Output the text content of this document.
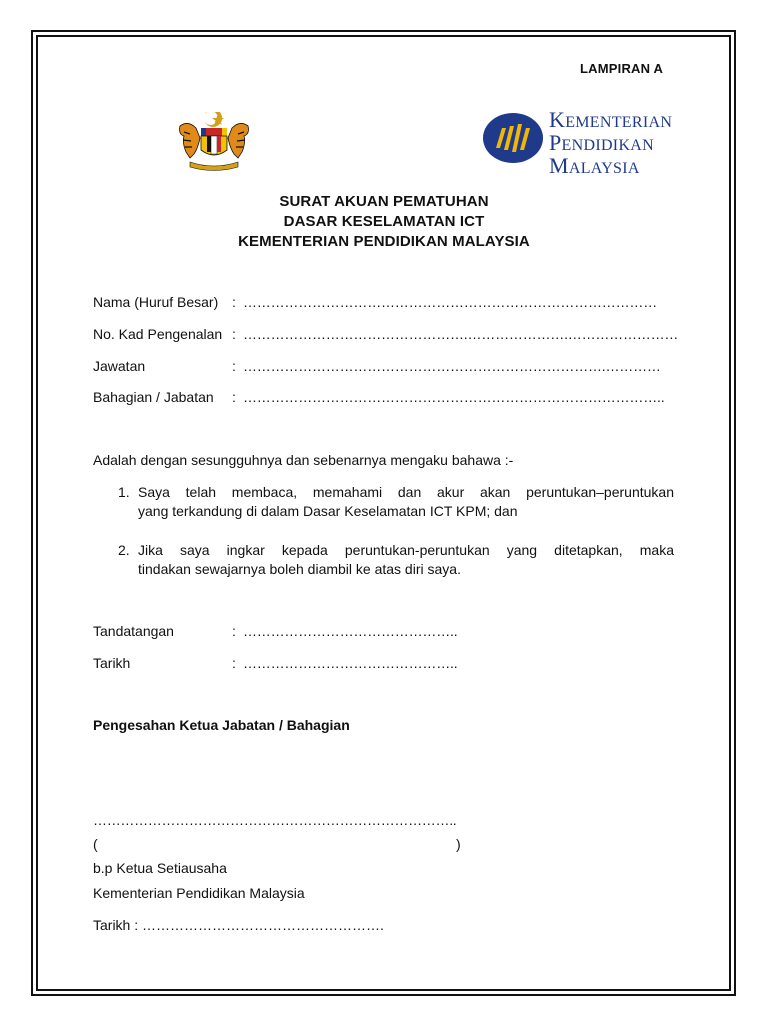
LAMPIRAN A
KEMENTERIAN
PENDIDIKAN
MALAYSIA
SURAT AKUAN PEMATUHAN
DASAR KESELAMATAN ICT
KEMENTERIAN PENDIDIKAN MALAYSIA
Nama (Huruf Besar) : ………………………………………………………………………………
No. Kad Pengenalan : ………………………………………….………………….……………………
Jawatan	: …………………………………………………………………….…………
Bahagian / Jabatan : ………………………………………………………………………………..
Adalah dengan sesungguhnya dan sebenarnya mengaku bahawa :-
1. Saya telah membaca, memahami dan akur akan peruntukan–peruntukan
yang terkandung di dalam Dasar Keselamatan ICT KPM; dan
2. Jika saya ingkar kepada peruntukan-peruntukan yang ditetapkan, maka
tindakan sewajarnya boleh diambil ke atas diri saya.
Tandatangan	: ………………………………………..
Tarikh	: ………………………………………..
Pengesahan Ketua Jabatan / Bahagian
……………………………………………………………………..
(	)
b.p Ketua Setiausaha
Kementerian Pendidikan Malaysia
Tarikh : …………………………………………….
